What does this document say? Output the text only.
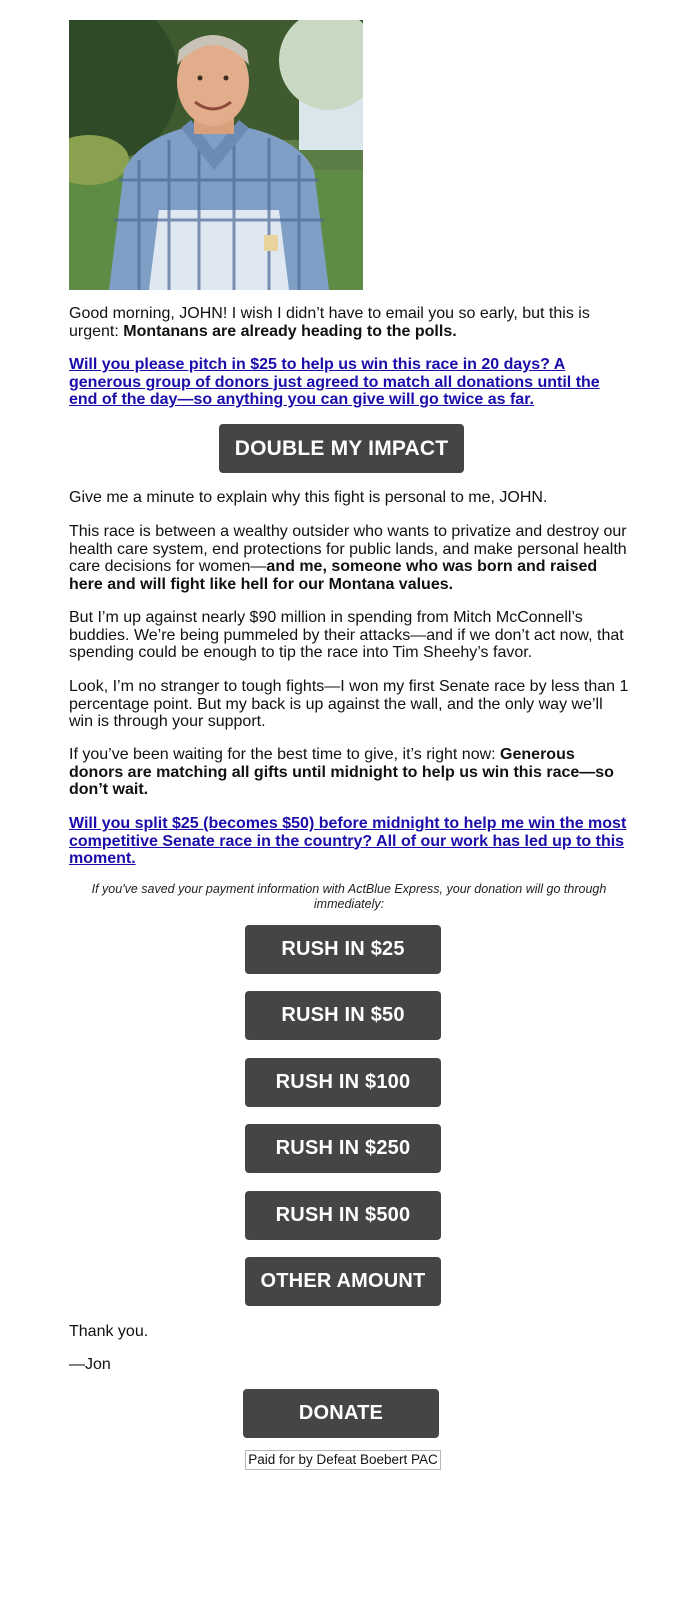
Good morning, JOHN! I wish I didn’t have to email you so early, but this is urgent: Montanans are already heading to the polls.

Will you please pitch in $25 to help us win this race in 20 days? A generous group of donors just agreed to match all donations until the end of the day—so anything you can give will go twice as far.

DOUBLE MY IMPACT

Give me a minute to explain why this fight is personal to me, JOHN.

This race is between a wealthy outsider who wants to privatize and destroy our health care system, end protections for public lands, and make personal health care decisions for women—and me, someone who was born and raised here and will fight like hell for our Montana values.

But I’m up against nearly $90 million in spending from Mitch McConnell’s buddies. We’re being pummeled by their attacks—and if we don’t act now, that spending could be enough to tip the race into Tim Sheehy’s favor.

Look, I’m no stranger to tough fights—I won my first Senate race by less than 1 percentage point. But my back is up against the wall, and the only way we’ll win is through your support.

If you’ve been waiting for the best time to give, it’s right now: Generous donors are matching all gifts until midnight to help us win this race—so don’t wait.

Will you split $25 (becomes $50) before midnight to help me win the most competitive Senate race in the country? All of our work has led up to this moment.

If you've saved your payment information with ActBlue Express, your donation will go through immediately:
RUSH IN $25
RUSH IN $50
RUSH IN $100
RUSH IN $250
RUSH IN $500
OTHER AMOUNT

Thank you.

—Jon

DONATE
Paid for by Defeat Boebert PAC
